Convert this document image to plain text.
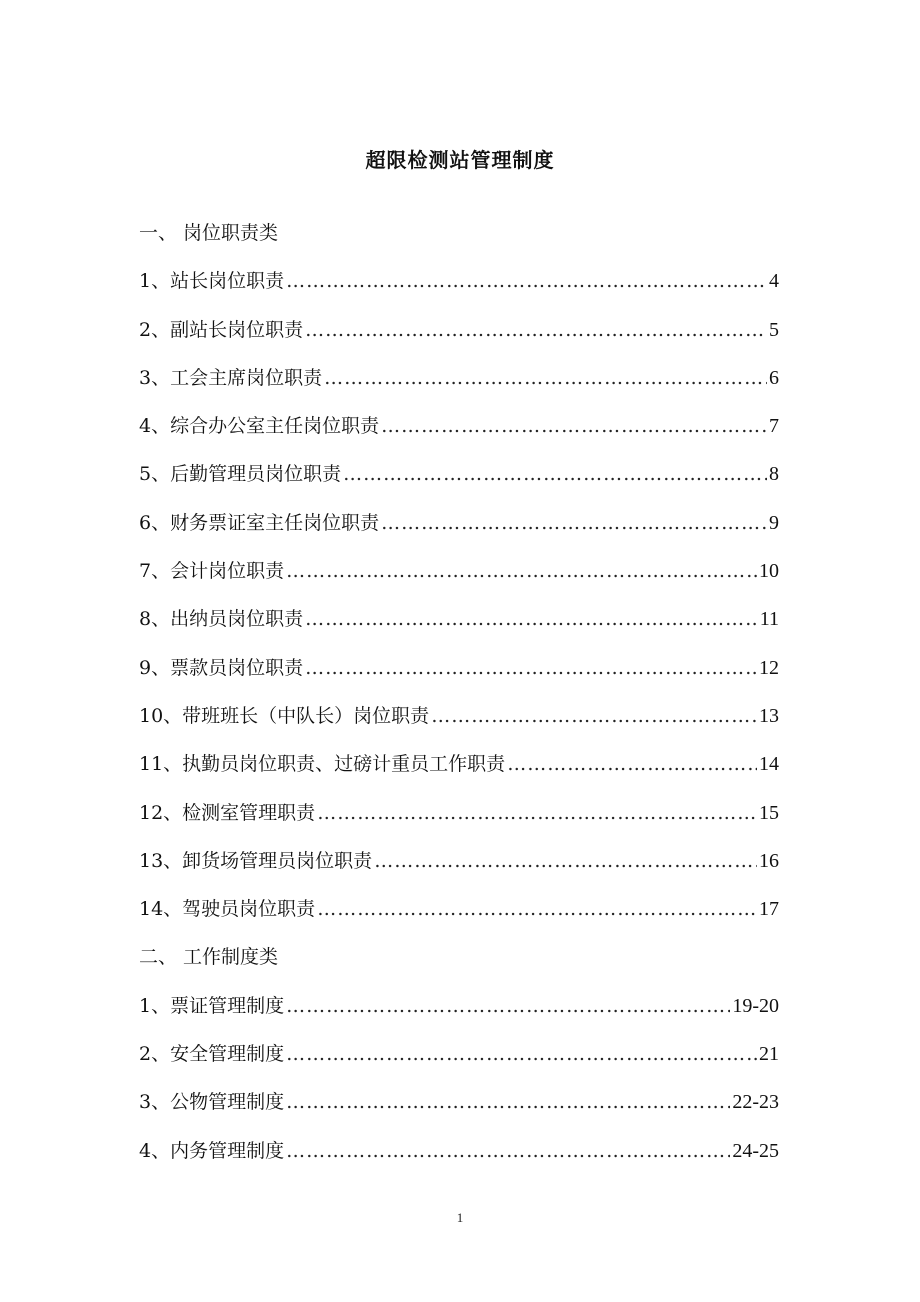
超限检测站管理制度
一、 岗位职责类
1、站长岗位职责 ………………………………………………………………………………………………………………………………	4
2、副站长岗位职责 ………………………………………………………………………………………………………………………………	5
3、工会主席岗位职责 ………………………………………………………………………………………………………………………………	6
4、综合办公室主任岗位职责 ………………………………………………………………………………………………………………………………	7
5、后勤管理员岗位职责 ………………………………………………………………………………………………………………………………	8
6、财务票证室主任岗位职责 ………………………………………………………………………………………………………………………………	9
7、会计岗位职责 ………………………………………………………………………………………………………………………………	10
8、出纳员岗位职责 ………………………………………………………………………………………………………………………………	11
9、票款员岗位职责 ………………………………………………………………………………………………………………………………	12
10、带班班长（中队长）岗位职责 ………………………………………………………………………………………………………………………………	13
11、执勤员岗位职责、过磅计重员工作职责 ………………………………………………………………………………………………………………………………	14
12、检测室管理职责 ………………………………………………………………………………………………………………………………	15
13、卸货场管理员岗位职责 ………………………………………………………………………………………………………………………………	16
14、驾驶员岗位职责 ………………………………………………………………………………………………………………………………	17
二、 工作制度类
1、票证管理制度 ………………………………………………………………………………………………………………………………	19-20
2、安全管理制度 ………………………………………………………………………………………………………………………………	21
3、公物管理制度 ………………………………………………………………………………………………………………………………	22-23
4、内务管理制度 ………………………………………………………………………………………………………………………………	24-25
1
